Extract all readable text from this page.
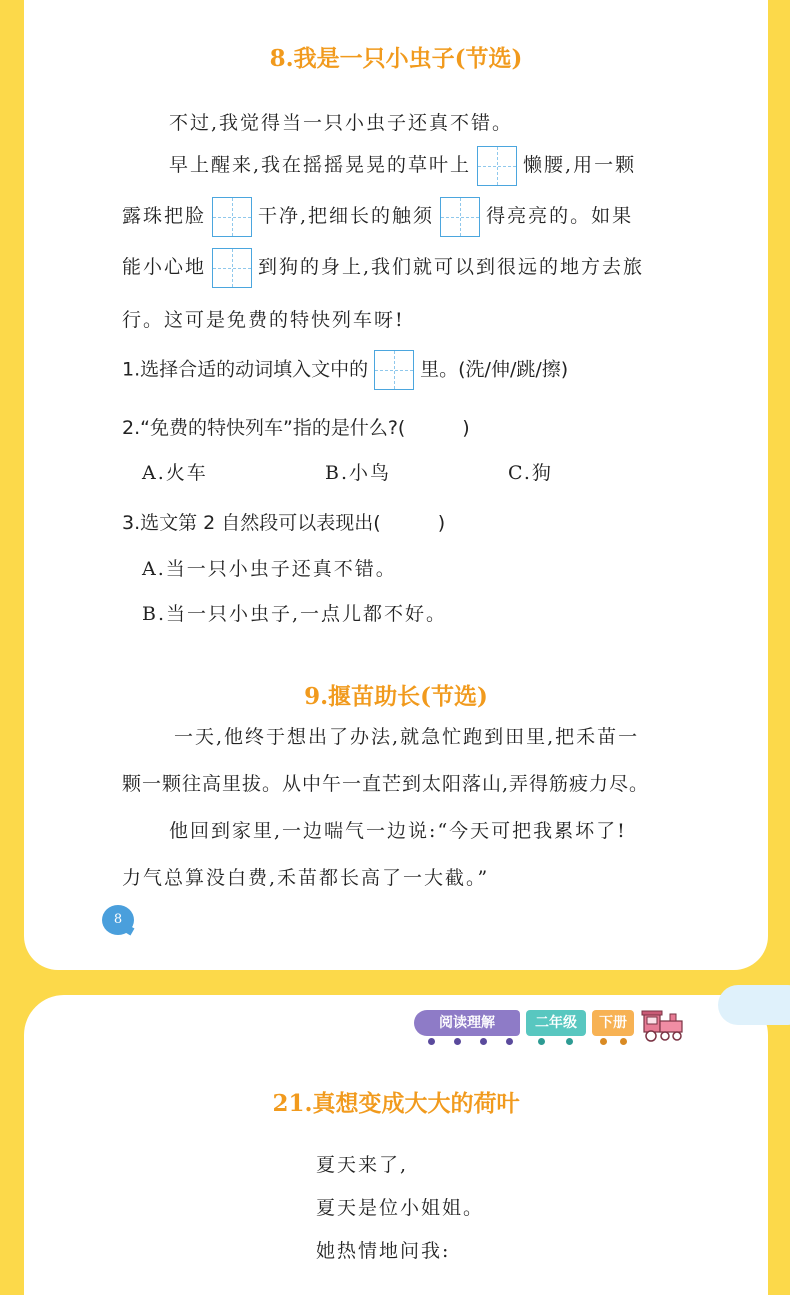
8.我是一只小虫子(节选)
不过,我觉得当一只小虫子还真不错。
早上醒来,我在摇摇晃晃的草叶上	懒腰,用一颗
露珠把脸	干净,把细长的触须	得亮亮的。如果
能小心地	到狗的身上,我们就可以到很远的地方去旅
行。这可是免费的特快列车呀!
1.选择合适的动词填入文中的	里。(洗/伸/跳/擦)
2.“免费的特快列车”指的是什么?(　　　)
A.火车	B.小鸟	C.狗
3.选文第 2 自然段可以表现出(　　　)
A.当一只小虫子还真不错。
B.当一只小虫子,一点儿都不好。
9.揠苗助长(节选)
一天,他终于想出了办法,就急忙跑到田里,把禾苗一
颗一颗往高里拔。从中午一直芒到太阳落山,弄得筋疲力尽。
他回到家里,一边喘气一边说:“今天可把我累坏了!
力气总算没白费,禾苗都长高了一大截。”
8
阅读理解	二年级	下册
21.真想变成大大的荷叶
夏天来了,
夏天是位小姐姐。
她热情地问我:
